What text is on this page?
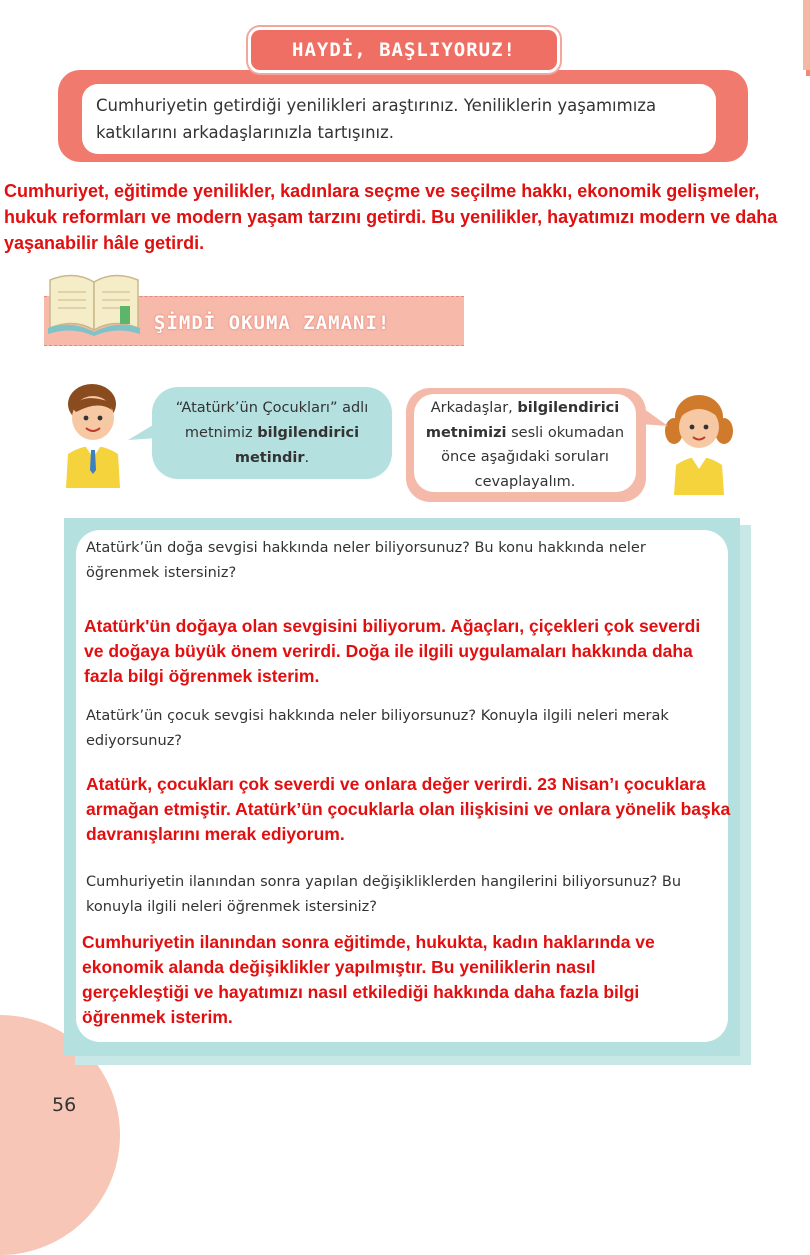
Cumhuriyetin getirdiği yenilikleri araştırınız. Yeniliklerin yaşamımıza katkılarını arkadaşlarınızla tartışınız.
HAYDİ, BAŞLIYORUZ!
Cumhuriyet, eğitimde yenilikler, kadınlara seçme ve seçilme hakkı, ekonomik gelişmeler, hukuk reformları ve modern yaşam tarzını getirdi. Bu yenilikler, hayatımızı modern ve daha yaşanabilir hâle getirdi.
ŞİMDİ OKUMA ZAMANI!
“Atatürk’ün Çocukları” adlı metnimiz bilgilendirici metindir.
Arkadaşlar, bilgilendirici metnimizi sesli okumadan önce aşağıdaki soruları cevaplayalım.
Atatürk’ün doğa sevgisi hakkında neler biliyorsunuz? Bu konu hakkında neler öğrenmek istersiniz?
Atatürk'ün doğaya olan sevgisini biliyorum. Ağaçları, çiçekleri çok severdi ve doğaya büyük önem verirdi. Doğa ile ilgili uygulamaları hakkında daha fazla bilgi öğrenmek isterim.
Atatürk’ün çocuk sevgisi hakkında neler biliyorsunuz? Konuyla ilgili neleri merak ediyorsunuz?
Atatürk, çocukları çok severdi ve onlara değer verirdi. 23 Nisan’ı çocuklara armağan etmiştir. Atatürk’ün çocuklarla olan ilişkisini ve onlara yönelik başka davranışlarını merak ediyorum.
Cumhuriyetin ilanından sonra yapılan değişikliklerden hangilerini biliyorsunuz? Bu konuyla ilgili neleri öğrenmek istersiniz?
Cumhuriyetin ilanından sonra eğitimde, hukukta, kadın haklarında ve ekonomik alanda değişiklikler yapılmıştır. Bu yeniliklerin nasıl gerçekleştiği ve hayatımızı nasıl etkilediği hakkında daha fazla bilgi öğrenmek isterim.
56
